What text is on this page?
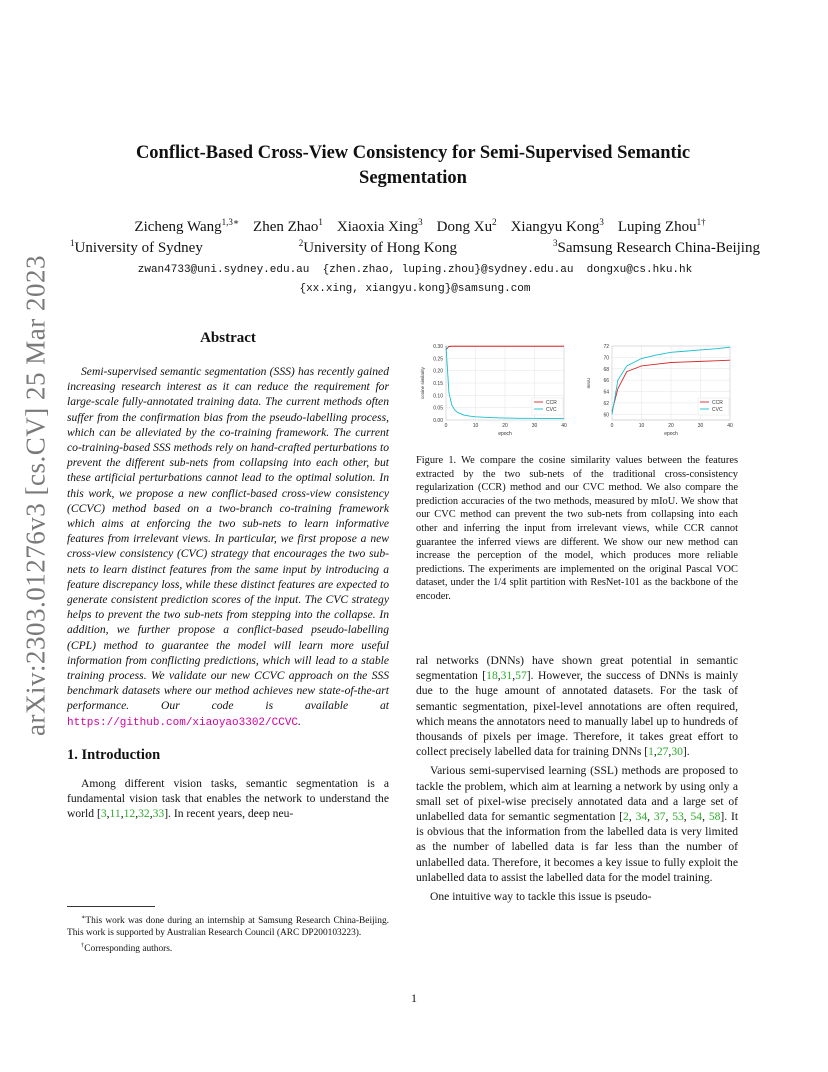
arXiv:2303.01276v3 [cs.CV] 25 Mar 2023
Conflict-Based Cross-View Consistency for Semi-Supervised Semantic Segmentation
Zicheng Wang$^{1,3∗}$ Zhen Zhao$^1$ Xiaoxia Xing$^3$ Dong Xu$^2$ Xiangyu Kong$^3$ Luping Zhou$^{1\dagger}$
$^1$University of Sydney	$^2$University of Hong Kong	$^3$Samsung Research China-Beijing
zwan4733@uni.sydney.edu.au  {zhen.zhao, luping.zhou}@sydney.edu.au  dongxu@cs.hku.hk
{xx.xing, xiangyu.kong}@samsung.com
Abstract

Semi-supervised semantic segmentation (SSS) has recently gained increasing research interest as it can reduce the requirement for large-scale fully-annotated training data. The current methods often suffer from the confirmation bias from the pseudo-labelling process, which can be alleviated by the co-training framework. The current co-training-based SSS methods rely on hand-crafted perturbations to prevent the different sub-nets from collapsing into each other, but these artificial perturbations cannot lead to the optimal solution. In this work, we propose a new conflict-based cross-view consistency (CCVC) method based on a two-branch co-training framework which aims at enforcing the two sub-nets to learn informative features from irrelevant views. In particular, we first propose a new cross-view consistency (CVC) strategy that encourages the two sub-nets to learn distinct features from the same input by introducing a feature discrepancy loss, while these distinct features are expected to generate consistent prediction scores of the input. The CVC strategy helps to prevent the two sub-nets from stepping into the collapse. In addition, we further propose a conflict-based pseudo-labelling (CPL) method to guarantee the model will learn more useful information from conflicting predictions, which will lead to a stable training process. We validate our new CCVC approach on the SSS benchmark datasets where our method achieves new state-of-the-art performance. Our code is available at https://github.com/xiaoyao3302/CCVC.

1. Introduction

Among different vision tasks, semantic segmentation is a fundamental vision task that enables the network to understand the world [3,11,12,32,33]. In recent years, deep neu-

∗This work was done during an internship at Samsung Research China-Beijing. This work is supported by Australian Research Council (ARC DP200103223).

†Corresponding authors.

0.00
0.05
0.10
0.15
0.20
0.25
0.30
0	10	20	30	40
epoch
cosine similarity
CCR
CVC
60
62
64
66
68
70
72
0	10	20	30	40
epoch
mIoU
CCR
CVC

Figure 1. We compare the cosine similarity values between the features extracted by the two sub-nets of the traditional cross-consistency regularization (CCR) method and our CVC method. We also compare the prediction accuracies of the two methods, measured by mIoU. We show that our CVC method can prevent the two sub-nets from collapsing into each other and inferring the input from irrelevant views, while CCR cannot guarantee the inferred views are different. We show our new method can increase the perception of the model, which produces more reliable predictions. The experiments are implemented on the original Pascal VOC dataset, under the 1/4 split partition with ResNet-101 as the backbone of the encoder.

ral networks (DNNs) have shown great potential in semantic segmentation [18,31,57]. However, the success of DNNs is mainly due to the huge amount of annotated datasets. For the task of semantic segmentation, pixel-level annotations are often required, which means the annotators need to manually label up to hundreds of thousands of pixels per image. Therefore, it takes great effort to collect precisely labelled data for training DNNs [1,27,30].

Various semi-supervised learning (SSL) methods are proposed to tackle the problem, which aim at learning a network by using only a small set of pixel-wise precisely annotated data and a large set of unlabelled data for semantic segmentation [2, 34, 37, 53, 54, 58]. It is obvious that the information from the labelled data is very limited as the number of labelled data is far less than the number of unlabelled data. Therefore, it becomes a key issue to fully exploit the unlabelled data to assist the labelled data for the model training.

One intuitive way to tackle this issue is pseudo-

1
